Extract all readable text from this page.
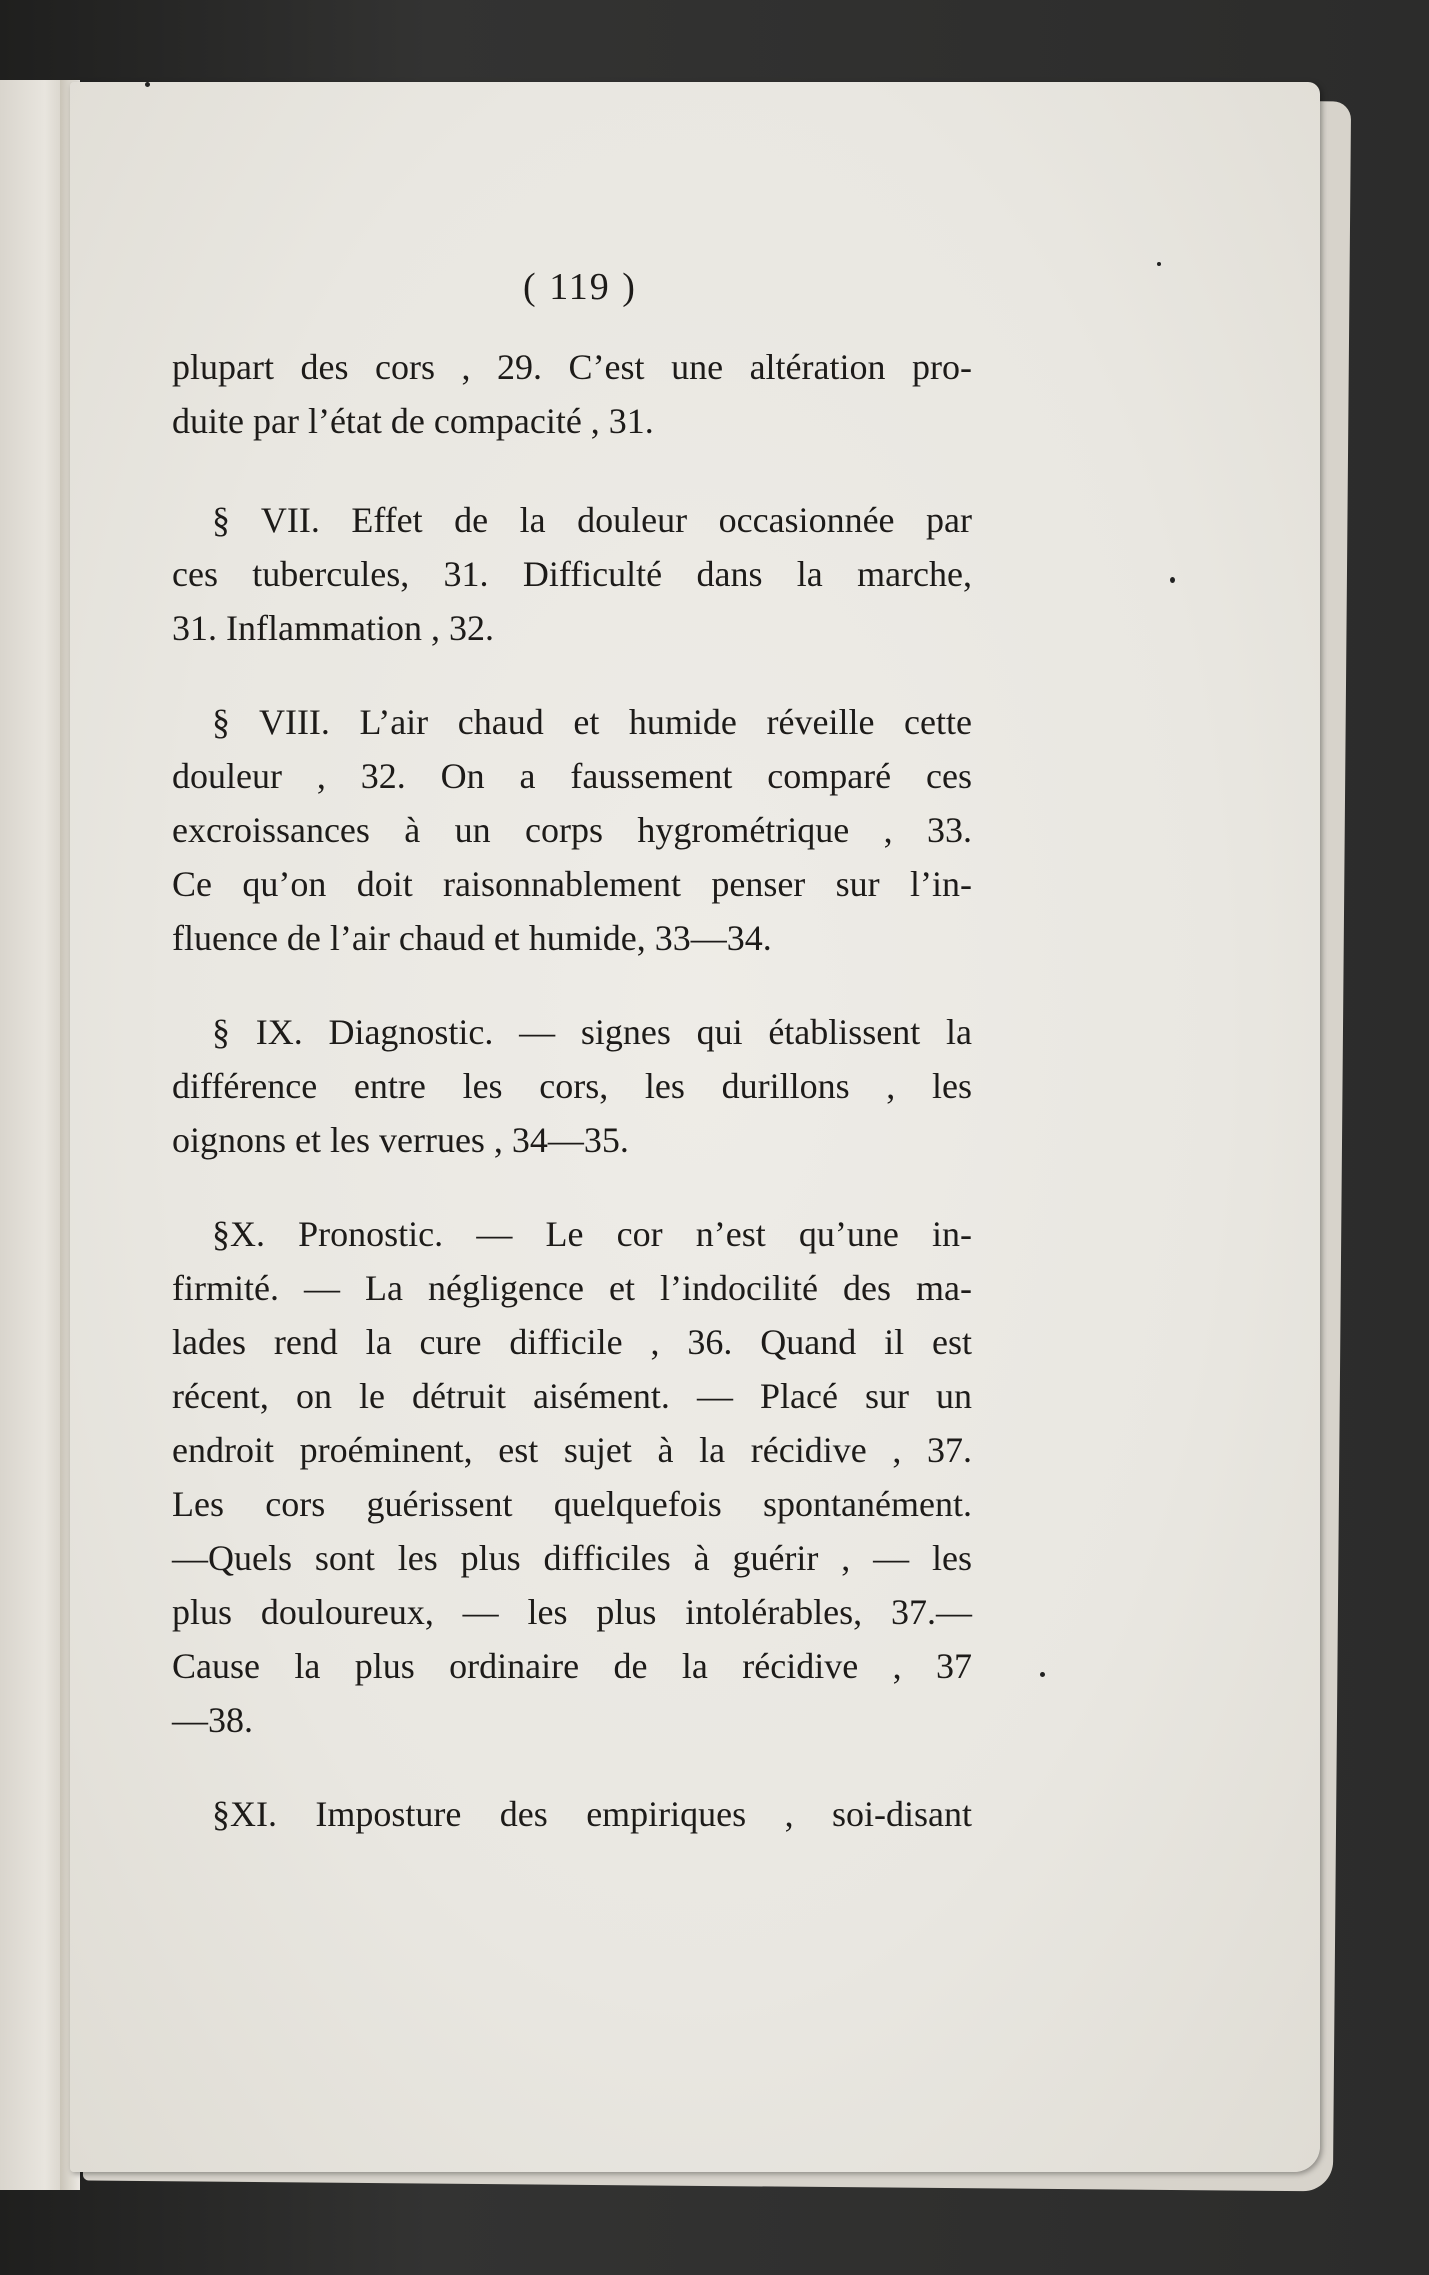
( 119 )
plupart des cors , 29. C’est une altération pro-
duite par l’état de compacité , 31.
§ VII. Effet de la douleur occasionnée par
ces tubercules, 31. Difficulté dans la marche,
31. Inflammation , 32.
§ VIII. L’air chaud et humide réveille cette
douleur , 32. On a faussement comparé ces
excroissances à un corps hygrométrique , 33.
Ce qu’on doit raisonnablement penser sur l’in-
fluence de l’air chaud et humide, 33—34.
§ IX. Diagnostic. — signes qui établissent la
différence entre les cors, les durillons , les
oignons et les verrues , 34—35.
§X. Pronostic. — Le cor n’est qu’une in-
firmité. — La négligence et l’indocilité des ma-
lades rend la cure difficile , 36. Quand il est
récent, on le détruit aisément. — Placé sur un
endroit proéminent, est sujet à la récidive , 37.
Les cors guérissent quelquefois spontanément.
—Quels sont les plus difficiles à guérir , — les
plus douloureux, — les plus intolérables, 37.—
Cause la plus ordinaire de la récidive , 37
—38.
§XI. Imposture des empiriques , soi-disant
